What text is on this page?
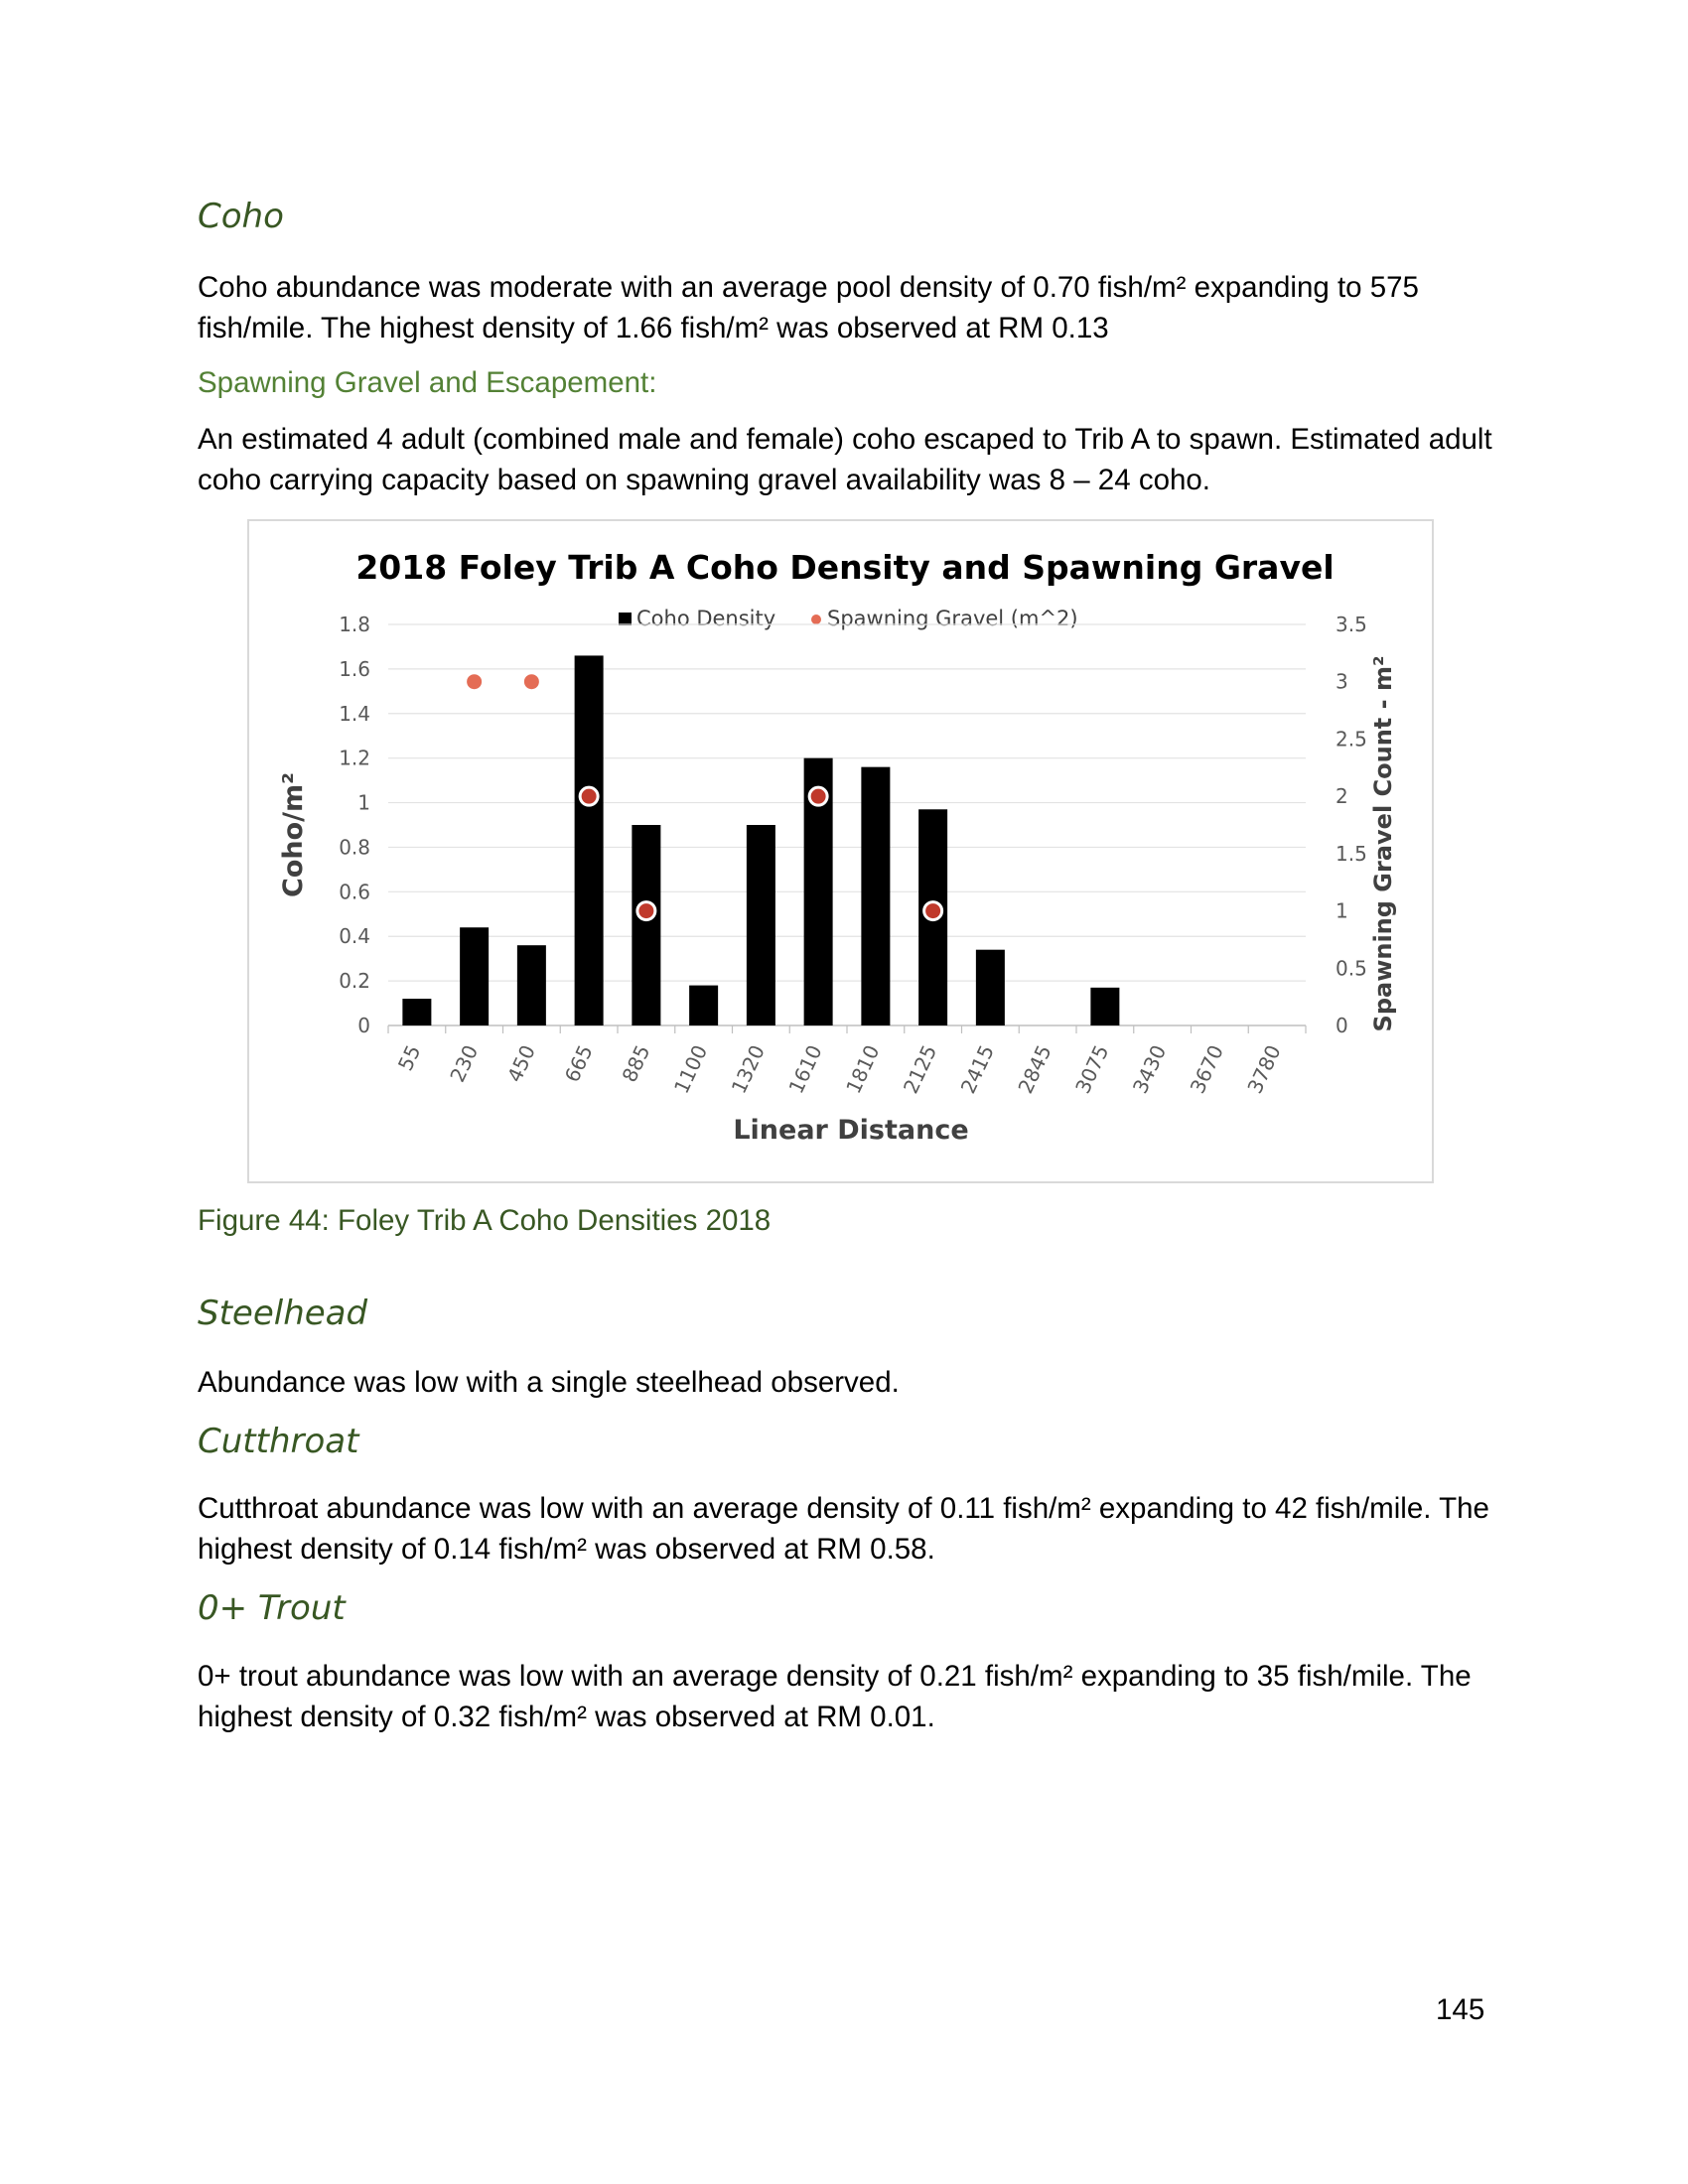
Coho

Coho abundance was moderate with an average pool density of 0.70 fish/m² expanding to 575 fish/mile. The highest density of 1.66 fish/m² was observed at RM 0.13

Spawning Gravel and Escapement:

An estimated 4 adult (combined male and female) coho escaped to Trib A to spawn. Estimated adult coho carrying capacity based on spawning gravel availability was 8 – 24 coho.

2018 Foley Trib A Coho Density and Spawning Gravel
Coho Density Spawning Gravel (m^2)
0
0.2
0.4
0.6
0.8
1
1.2
1.4
1.6
1.8
0
0.5
1
1.5
2
2.5
3
3.5
55 230 450 665 885 1100 1320 1610 1810 2125 2415 2845 3075 3430 3670 3780
Coho/m²	Spawning Gravel Count - m²
Linear Distance

Figure 44: Foley Trib A Coho Densities 2018

Steelhead

Abundance was low with a single steelhead observed.

Cutthroat

Cutthroat abundance was low with an average density of 0.11 fish/m² expanding to 42 fish/mile. The highest density of 0.14 fish/m² was observed at RM 0.58.

0+ Trout

0+ trout abundance was low with an average density of 0.21 fish/m² expanding to 35 fish/mile. The highest density of 0.32 fish/m² was observed at RM 0.01.

145
